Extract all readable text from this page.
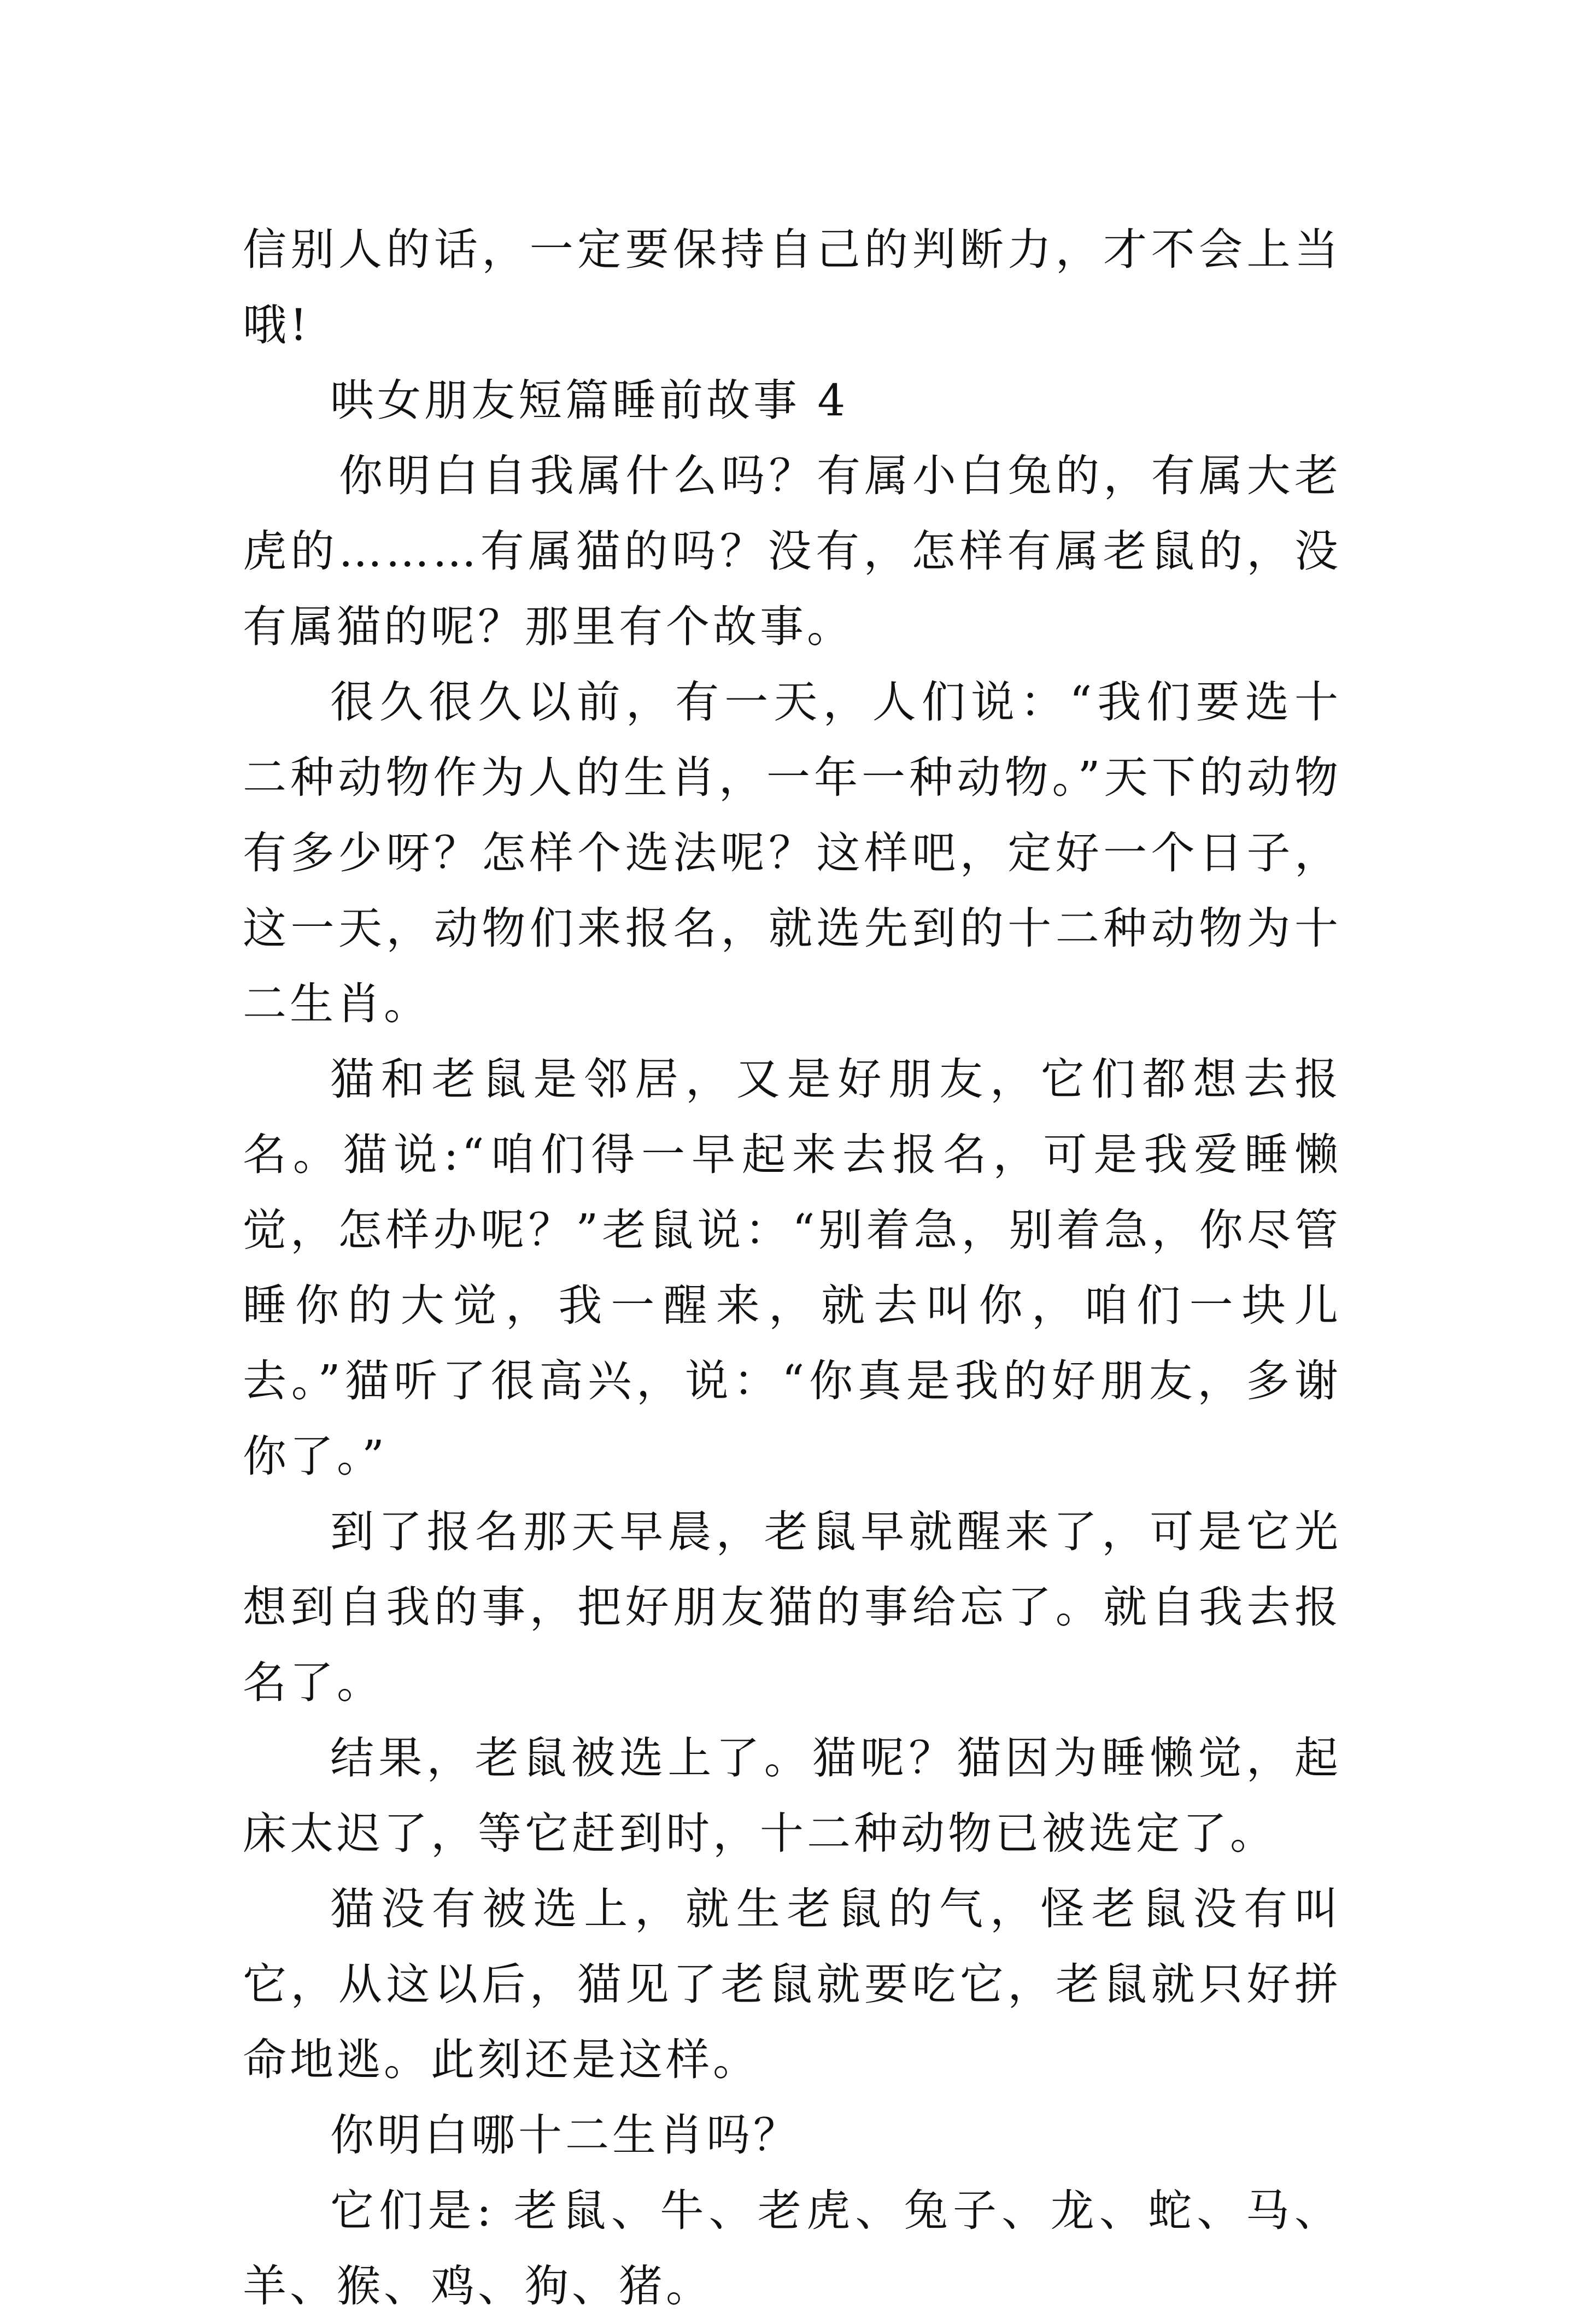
信别人的话，一定要保持自己的判断力，才不会上当哦!

哄女朋友短篇睡前故事 4

你明白自我属什么吗？有属小白兔的，有属大老虎的………有属猫的吗？没有，怎样有属老鼠的，没有属猫的呢？那里有个故事。

很久很久以前，有一天，人们说：“我们要选十二种动物作为人的生肖，一年一种动物。”天下的动物有多少呀？怎样个选法呢？这样吧，定好一个日子，这一天，动物们来报名，就选先到的十二种动物为十二生肖。

猫和老鼠是邻居，又是好朋友，它们都想去报名。猫说:“咱们得一早起来去报名，可是我爱睡懒觉，怎样办呢？”老鼠说：“别着急，别着急，你尽管睡你的大觉，我一醒来，就去叫你，咱们一块儿去。”猫听了很高兴，说：“你真是我的好朋友，多谢你了。”

到了报名那天早晨，老鼠早就醒来了，可是它光想到自我的事，把好朋友猫的事给忘了。就自我去报名了。

结果，老鼠被选上了。猫呢？猫因为睡懒觉，起床太迟了，等它赶到时，十二种动物已被选定了。

猫没有被选上，就生老鼠的气，怪老鼠没有叫它，从这以后，猫见了老鼠就要吃它，老鼠就只好拼命地逃。此刻还是这样。

你明白哪十二生肖吗？

它们是: 老鼠、牛、老虎、兔子、龙、蛇、马、羊、猴、鸡、狗、猪。
